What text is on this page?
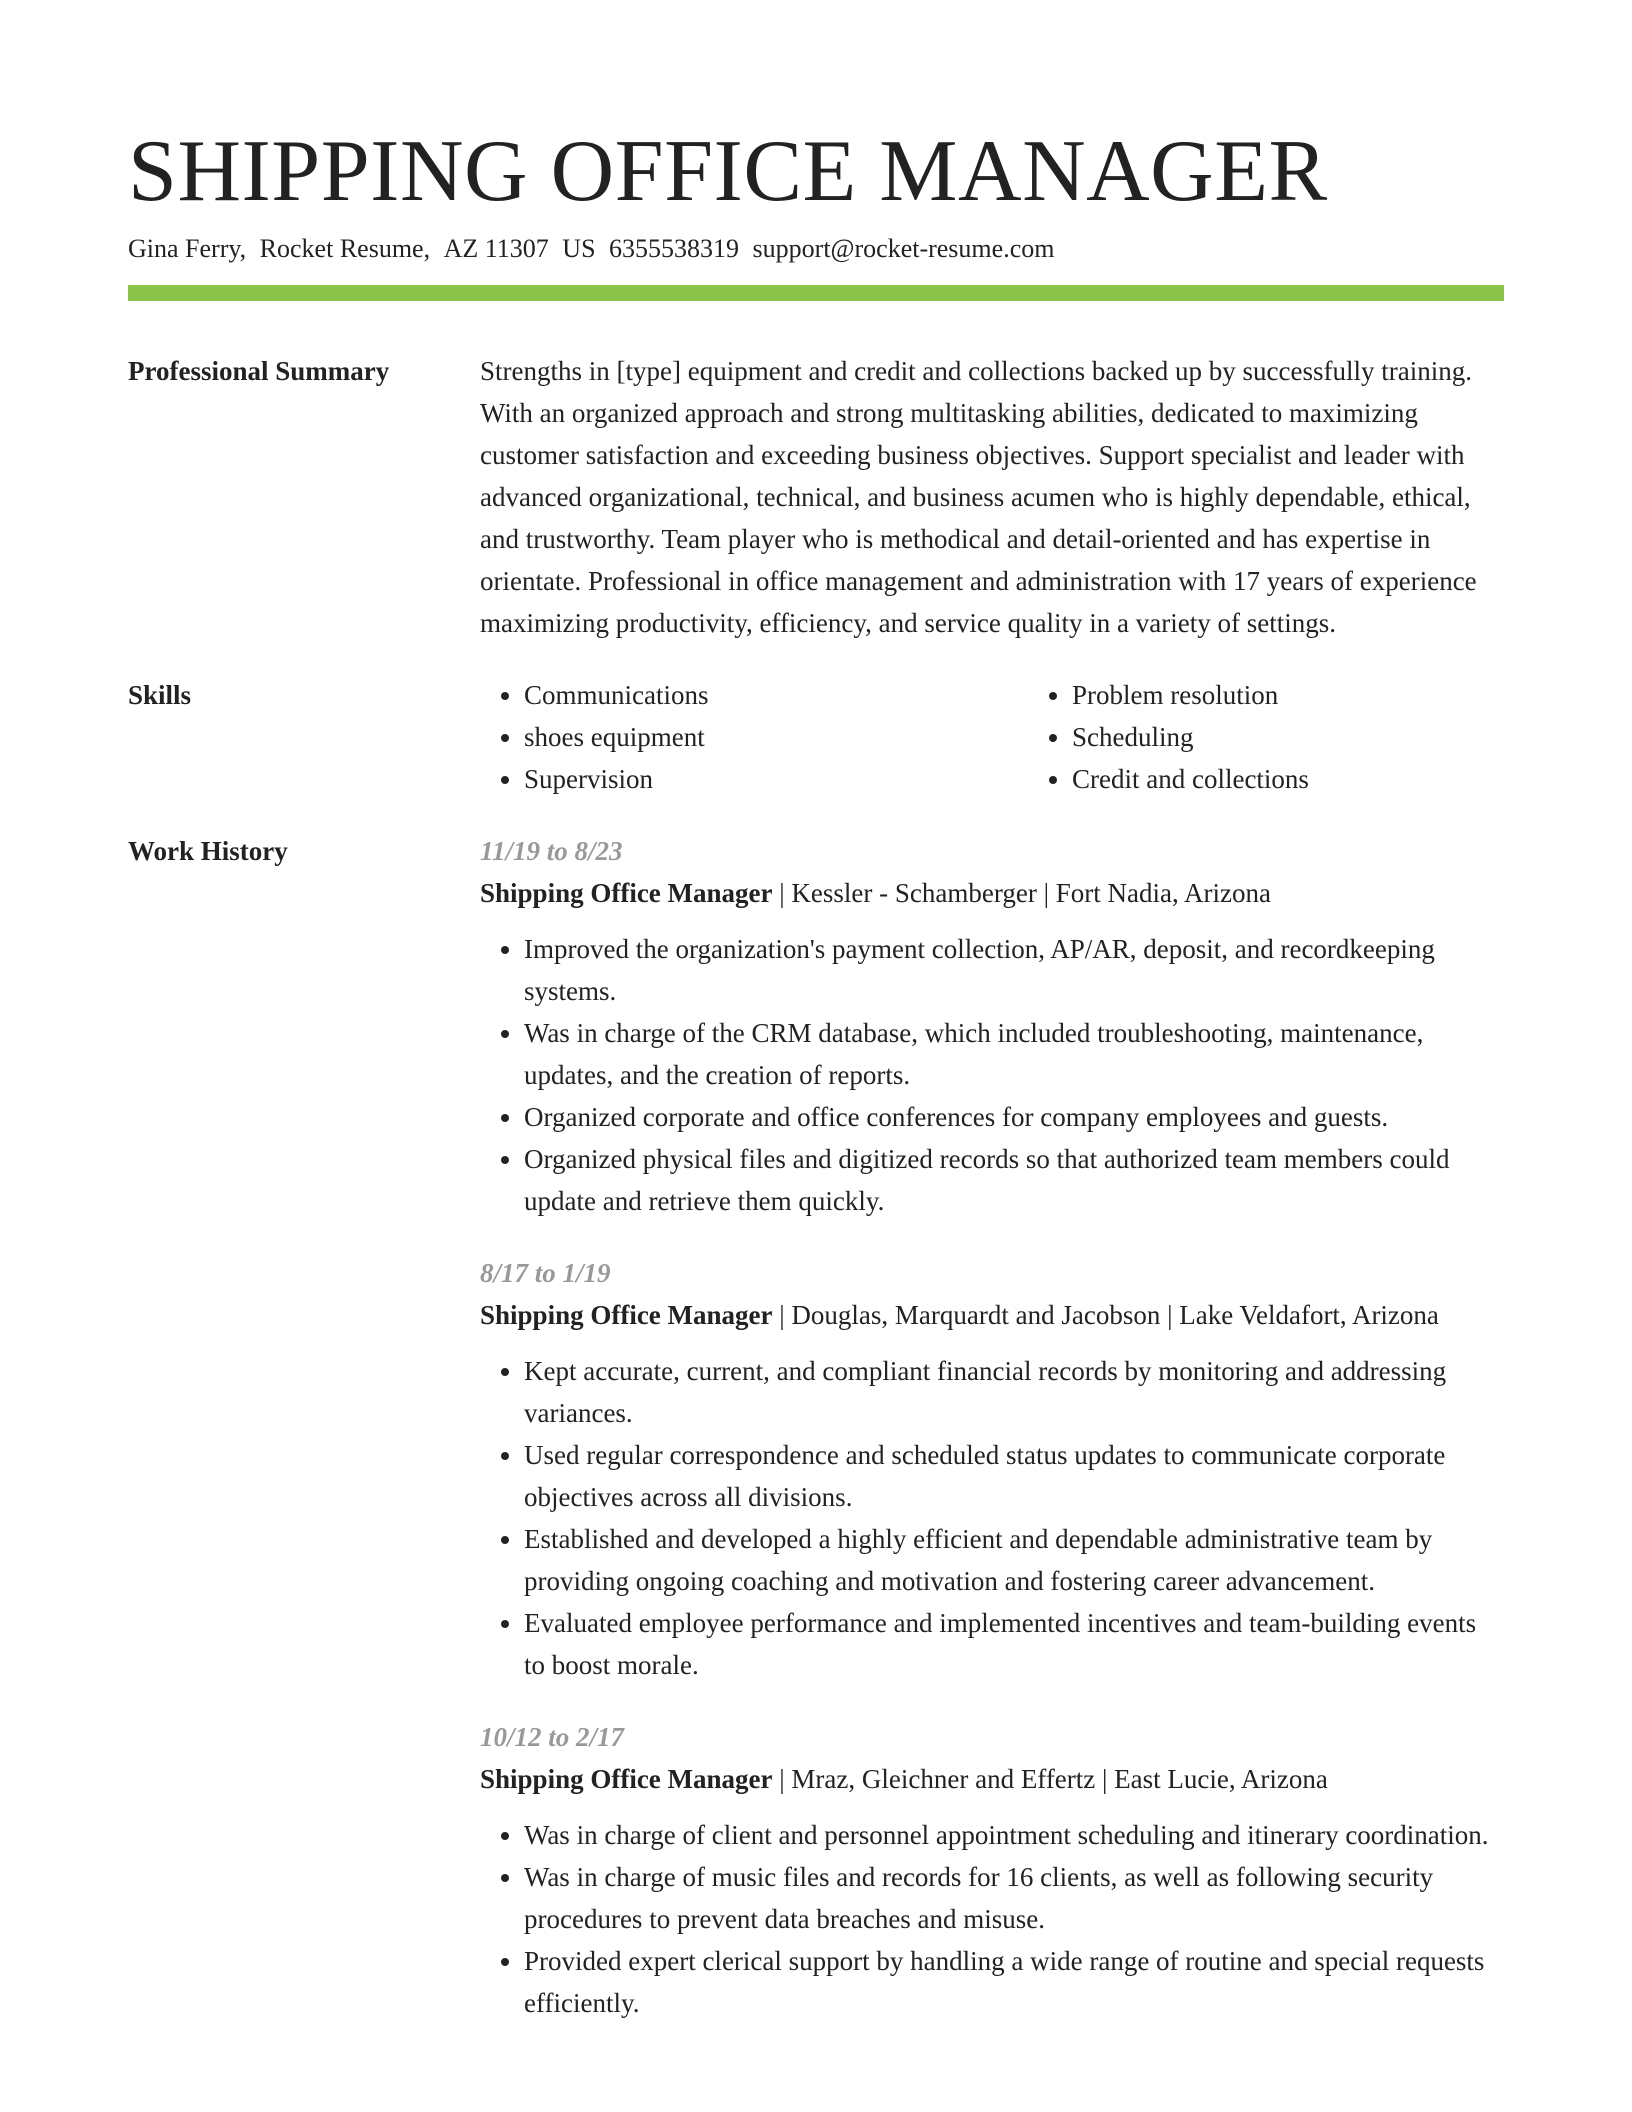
SHIPPING OFFICE MANAGER
Gina Ferry, Rocket Resume, AZ 11307 US 6355538319 support@rocket-resume.com
Professional Summary	Strengths in [type] equipment and credit and collections backed up by successfully training. With an organized approach and strong multitasking abilities, dedicated to maximizing customer satisfaction and exceeding business objectives. Support specialist and leader with advanced organizational, technical, and business acumen who is highly dependable, ethical, and trustworthy. Team player who is methodical and detail-oriented and has expertise in orientate. Professional in office management and administration with 17 years of experience maximizing productivity, efficiency, and service quality in a variety of settings.

Skills
•	Communications
• shoes equipment
• Supervision
• Problem resolution
• Scheduling
• Credit and collections
Work History	11/19 to 8/23
Shipping Office Manager | Kessler - Schamberger | Fort Nadia, Arizona
• Improved the organization's payment collection, AP/AR, deposit, and recordkeeping systems.
• Was in charge of the CRM database, which included troubleshooting, maintenance, updates, and the creation of reports.
• Organized corporate and office conferences for company employees and guests.
• Organized physical files and digitized records so that authorized team members could update and retrieve them quickly.
8/17 to 1/19
Shipping Office Manager | Douglas, Marquardt and Jacobson | Lake Veldafort, Arizona
• Kept accurate, current, and compliant financial records by monitoring and addressing variances.
• Used regular correspondence and scheduled status updates to communicate corporate objectives across all divisions.
• Established and developed a highly efficient and dependable administrative team by providing ongoing coaching and motivation and fostering career advancement.
• Evaluated employee performance and implemented incentives and team-building events to boost morale.
10/12 to 2/17
Shipping Office Manager | Mraz, Gleichner and Effertz | East Lucie, Arizona
• Was in charge of client and personnel appointment scheduling and itinerary coordination.
• Was in charge of music files and records for 16 clients, as well as following security procedures to prevent data breaches and misuse.
• Provided expert clerical support by handling a wide range of routine and special requests efficiently.
